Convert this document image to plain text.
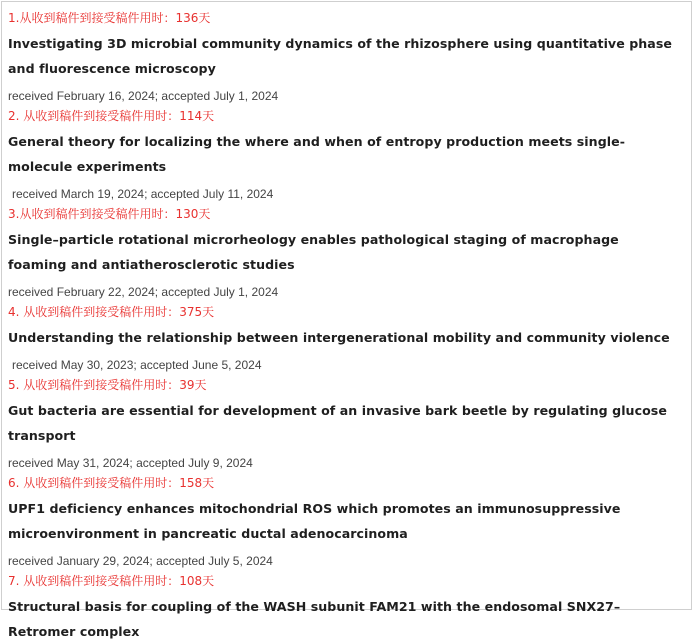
1.从收到稿件到接受稿件用时：136天
Investigating 3D microbial community dynamics of the rhizosphere using quantitative phase and fluorescence microscopy
received February 16, 2024; accepted July 1, 2024
2. 从收到稿件到接受稿件用时：114天
General theory for localizing the where and when of entropy production meets single-molecule experiments
received March 19, 2024; accepted July 11, 2024
3.从收到稿件到接受稿件用时：130天
Single–particle rotational microrheology enables pathological staging of macrophage foaming and antiatherosclerotic studies
received February 22, 2024; accepted July 1, 2024
4. 从收到稿件到接受稿件用时：375天
Understanding the relationship between intergenerational mobility and community violence
received May 30, 2023; accepted June 5, 2024
5. 从收到稿件到接受稿件用时：39天
Gut bacteria are essential for development of an invasive bark beetle by regulating glucose transport
received May 31, 2024; accepted July 9, 2024
6. 从收到稿件到接受稿件用时：158天
UPF1 deficiency enhances mitochondrial ROS which promotes an immunosuppressive microenvironment in pancreatic ductal adenocarcinoma
received January 29, 2024; accepted July 5, 2024
7. 从收到稿件到接受稿件用时：108天
Structural basis for coupling of the WASH subunit FAM21 with the endosomal SNX27–Retromer complex
